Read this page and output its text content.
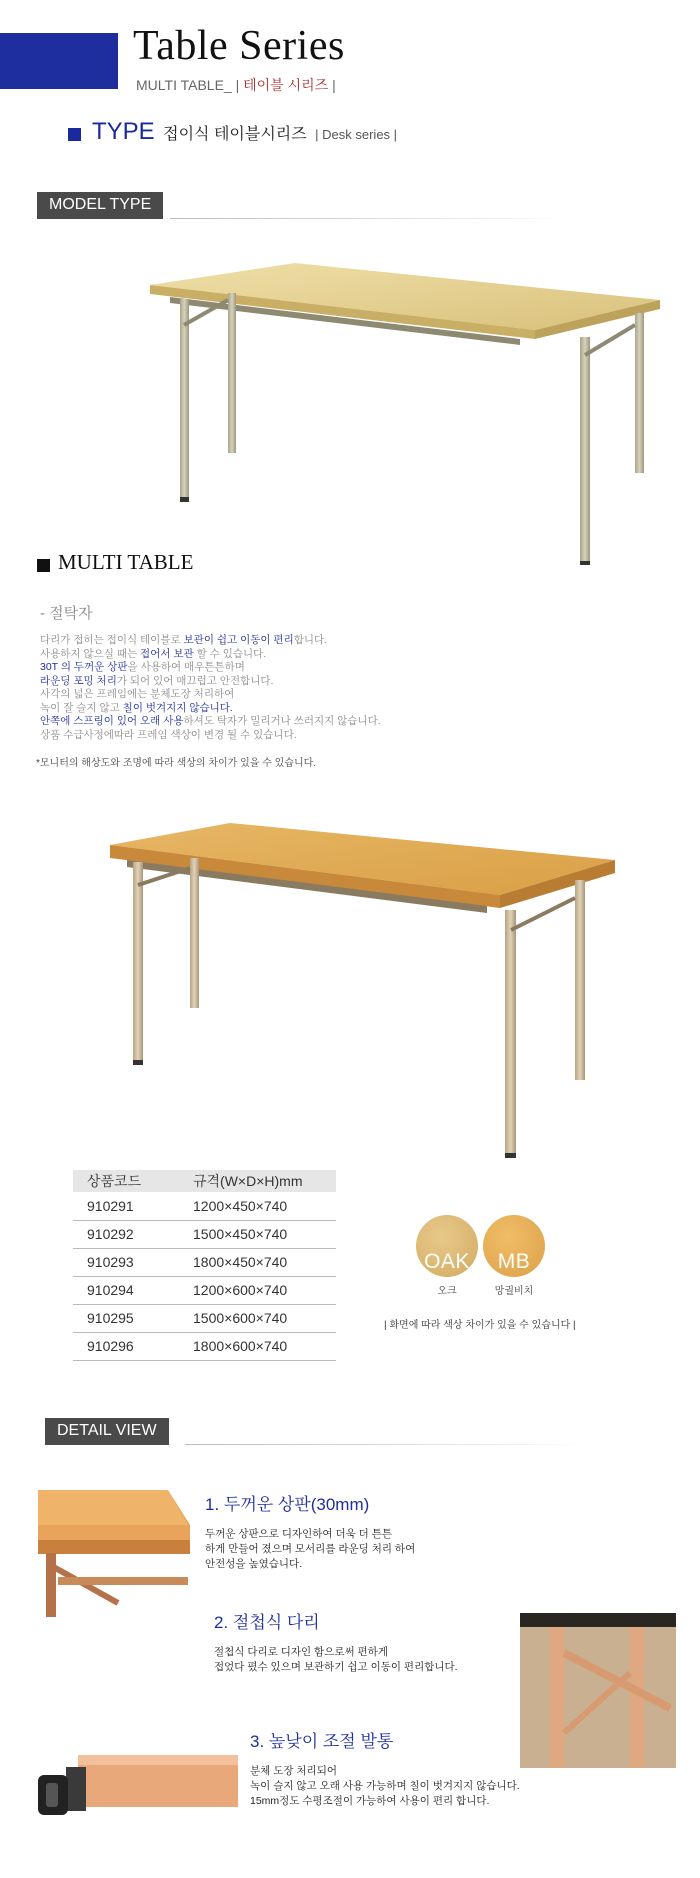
Table Series
MULTI TABLE_ | 테이블 시리즈 |
TYPE 접이식 테이블시리즈 | Desk series |
MODEL TYPE
MULTI TABLE
- 절탁자

다리가 접히는 접이식 테이블로 보관이 쉽고 이동이 편리합니다.

사용하지 않으실 때는 접어서 보관 할 수 있습니다.

30T 의 두꺼운 상판을 사용하여 매우튼튼하며

라운딩 포밍 처리가 되어 있어 매끄럽고 안전합니다.

사각의 넓은 프레임에는 분체도장 처리하여

녹이 잘 슬지 않고 칠이 벗겨지지 않습니다.

안쪽에 스프링이 있어 오래 사용하셔도 탁자가 밀리거나 쓰러지지 않습니다.

상품 수급사정에따라 프레임 색상이 변경 될 수 있습니다.

*모니터의 해상도와 조명에 따라 색상의 차이가 있을 수 있습니다.
상품코드	규격(W×D×H)mm
910291	1200×450×740
910292	1500×450×740
910293	1800×450×740
910294	1200×600×740
910295	1500×600×740
910296	1800×600×740
OAK
오크
MB
망궐비치
| 화면에 따라 색상 차이가 있을 수 있습니다 |
DETAIL VIEW
1. 두꺼운 상판(30mm)

두꺼운 상판으로 디자인하여 더욱 더 튼튼

하게 만들어 졌으며 모서리를 라운딩 처리 하여

안전성을 높였습니다.

2. 절첩식 다리

절첩식 다리로 디자인 함으로써 편하게

접었다 폈수 있으며 보관하기 쉽고 이동이 편리합니다.

3. 높낮이 조절 발통

분체 도장 처리되어

녹이 슬지 않고 오래 사용 가능하며 칠이 벗겨지지 않습니다.

15mm정도 수평조절이 가능하여 사용이 편리 합니다.
